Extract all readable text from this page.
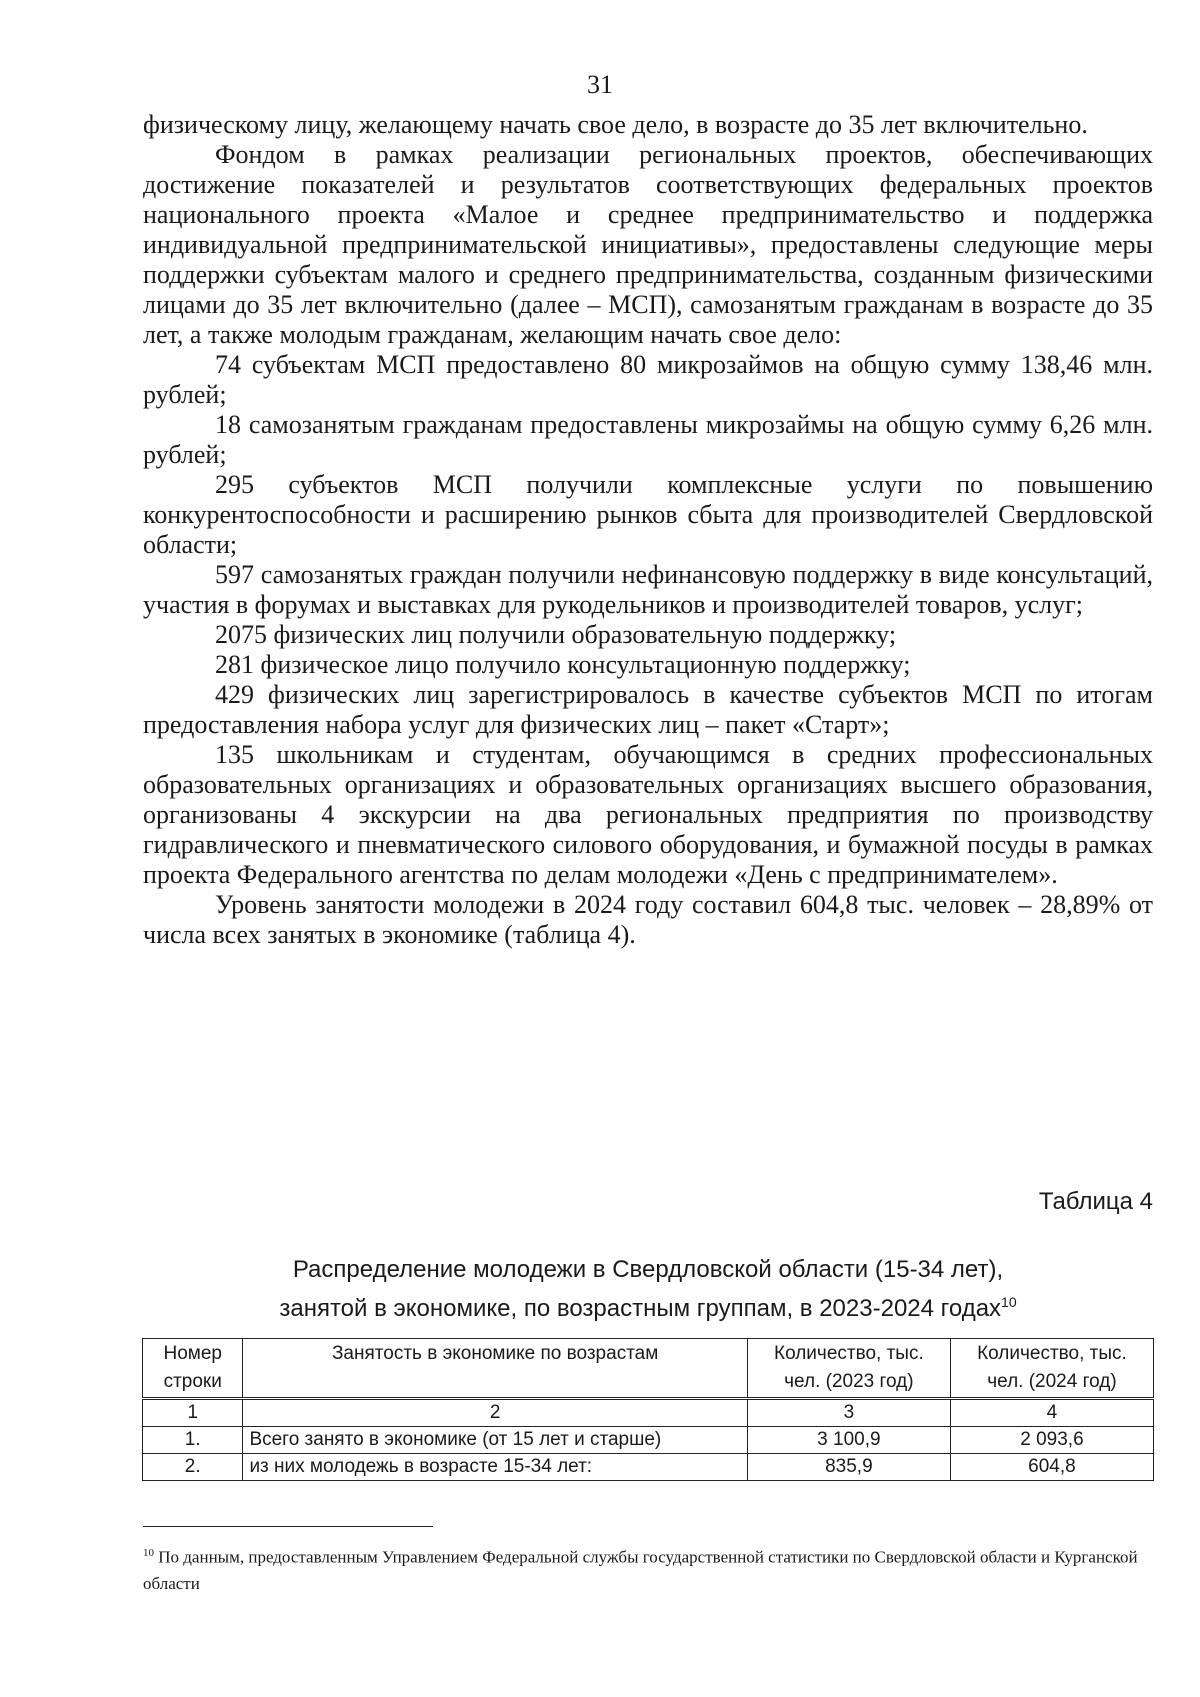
31

физическому лицу, желающему начать свое дело, в возрасте до 35 лет включительно.

Фондом в рамках реализации региональных проектов, обеспечивающих достижение показателей и результатов соответствующих федеральных проектов национального проекта «Малое и среднее предпринимательство и поддержка индивидуальной предпринимательской инициативы», предоставлены следующие меры поддержки субъектам малого и среднего предпринимательства, созданным физическими лицами до 35 лет включительно (далее – МСП), самозанятым гражданам в возрасте до 35 лет, а также молодым гражданам, желающим начать свое дело:

74 субъектам МСП предоставлено 80 микрозаймов на общую сумму 138,46 млн. рублей;

18 самозанятым гражданам предоставлены микрозаймы на общую сумму 6,26 млн. рублей;

295 субъектов МСП получили комплексные услуги по повышению конкурентоспособности и расширению рынков сбыта для производителей Свердловской области;

597 самозанятых граждан получили нефинансовую поддержку в виде консультаций, участия в форумах и выставках для рукодельников и производителей товаров, услуг;

2075 физических лиц получили образовательную поддержку;

281 физическое лицо получило консультационную поддержку;

429 физических лиц зарегистрировалось в качестве субъектов МСП по итогам предоставления набора услуг для физических лиц – пакет «Старт»;

135 школьникам и студентам, обучающимся в средних профессиональных образовательных организациях и образовательных организациях высшего образования, организованы 4 экскурсии на два региональных предприятия по производству гидравлического и пневматического силового оборудования, и бумажной посуды в рамках проекта Федерального агентства по делам молодежи «День с предпринимателем».

Уровень занятости молодежи в 2024 году составил 604,8 тыс. человек – 28,89% от числа всех занятых в экономике (таблица 4).

Таблица 4
Распределение молодежи в Свердловской области (15-34 лет),
занятой в экономике, по возрастным группам, в 2023-2024 годах$^{10}$
Номер строки	Занятость в экономике по возрастам	Количество, тыс. чел. (2023 год)	Количество, тыс. чел. (2024 год)
1	2	3	4
1.	Всего занято в экономике (от 15 лет и старше)	3 100,9	2 093,6
2.	из них молодежь в возрасте 15-34 лет:	835,9	604,8
$^{10}$ По данным, предоставленным Управлением Федеральной службы государственной статистики по Свердловской области и Курганской области
